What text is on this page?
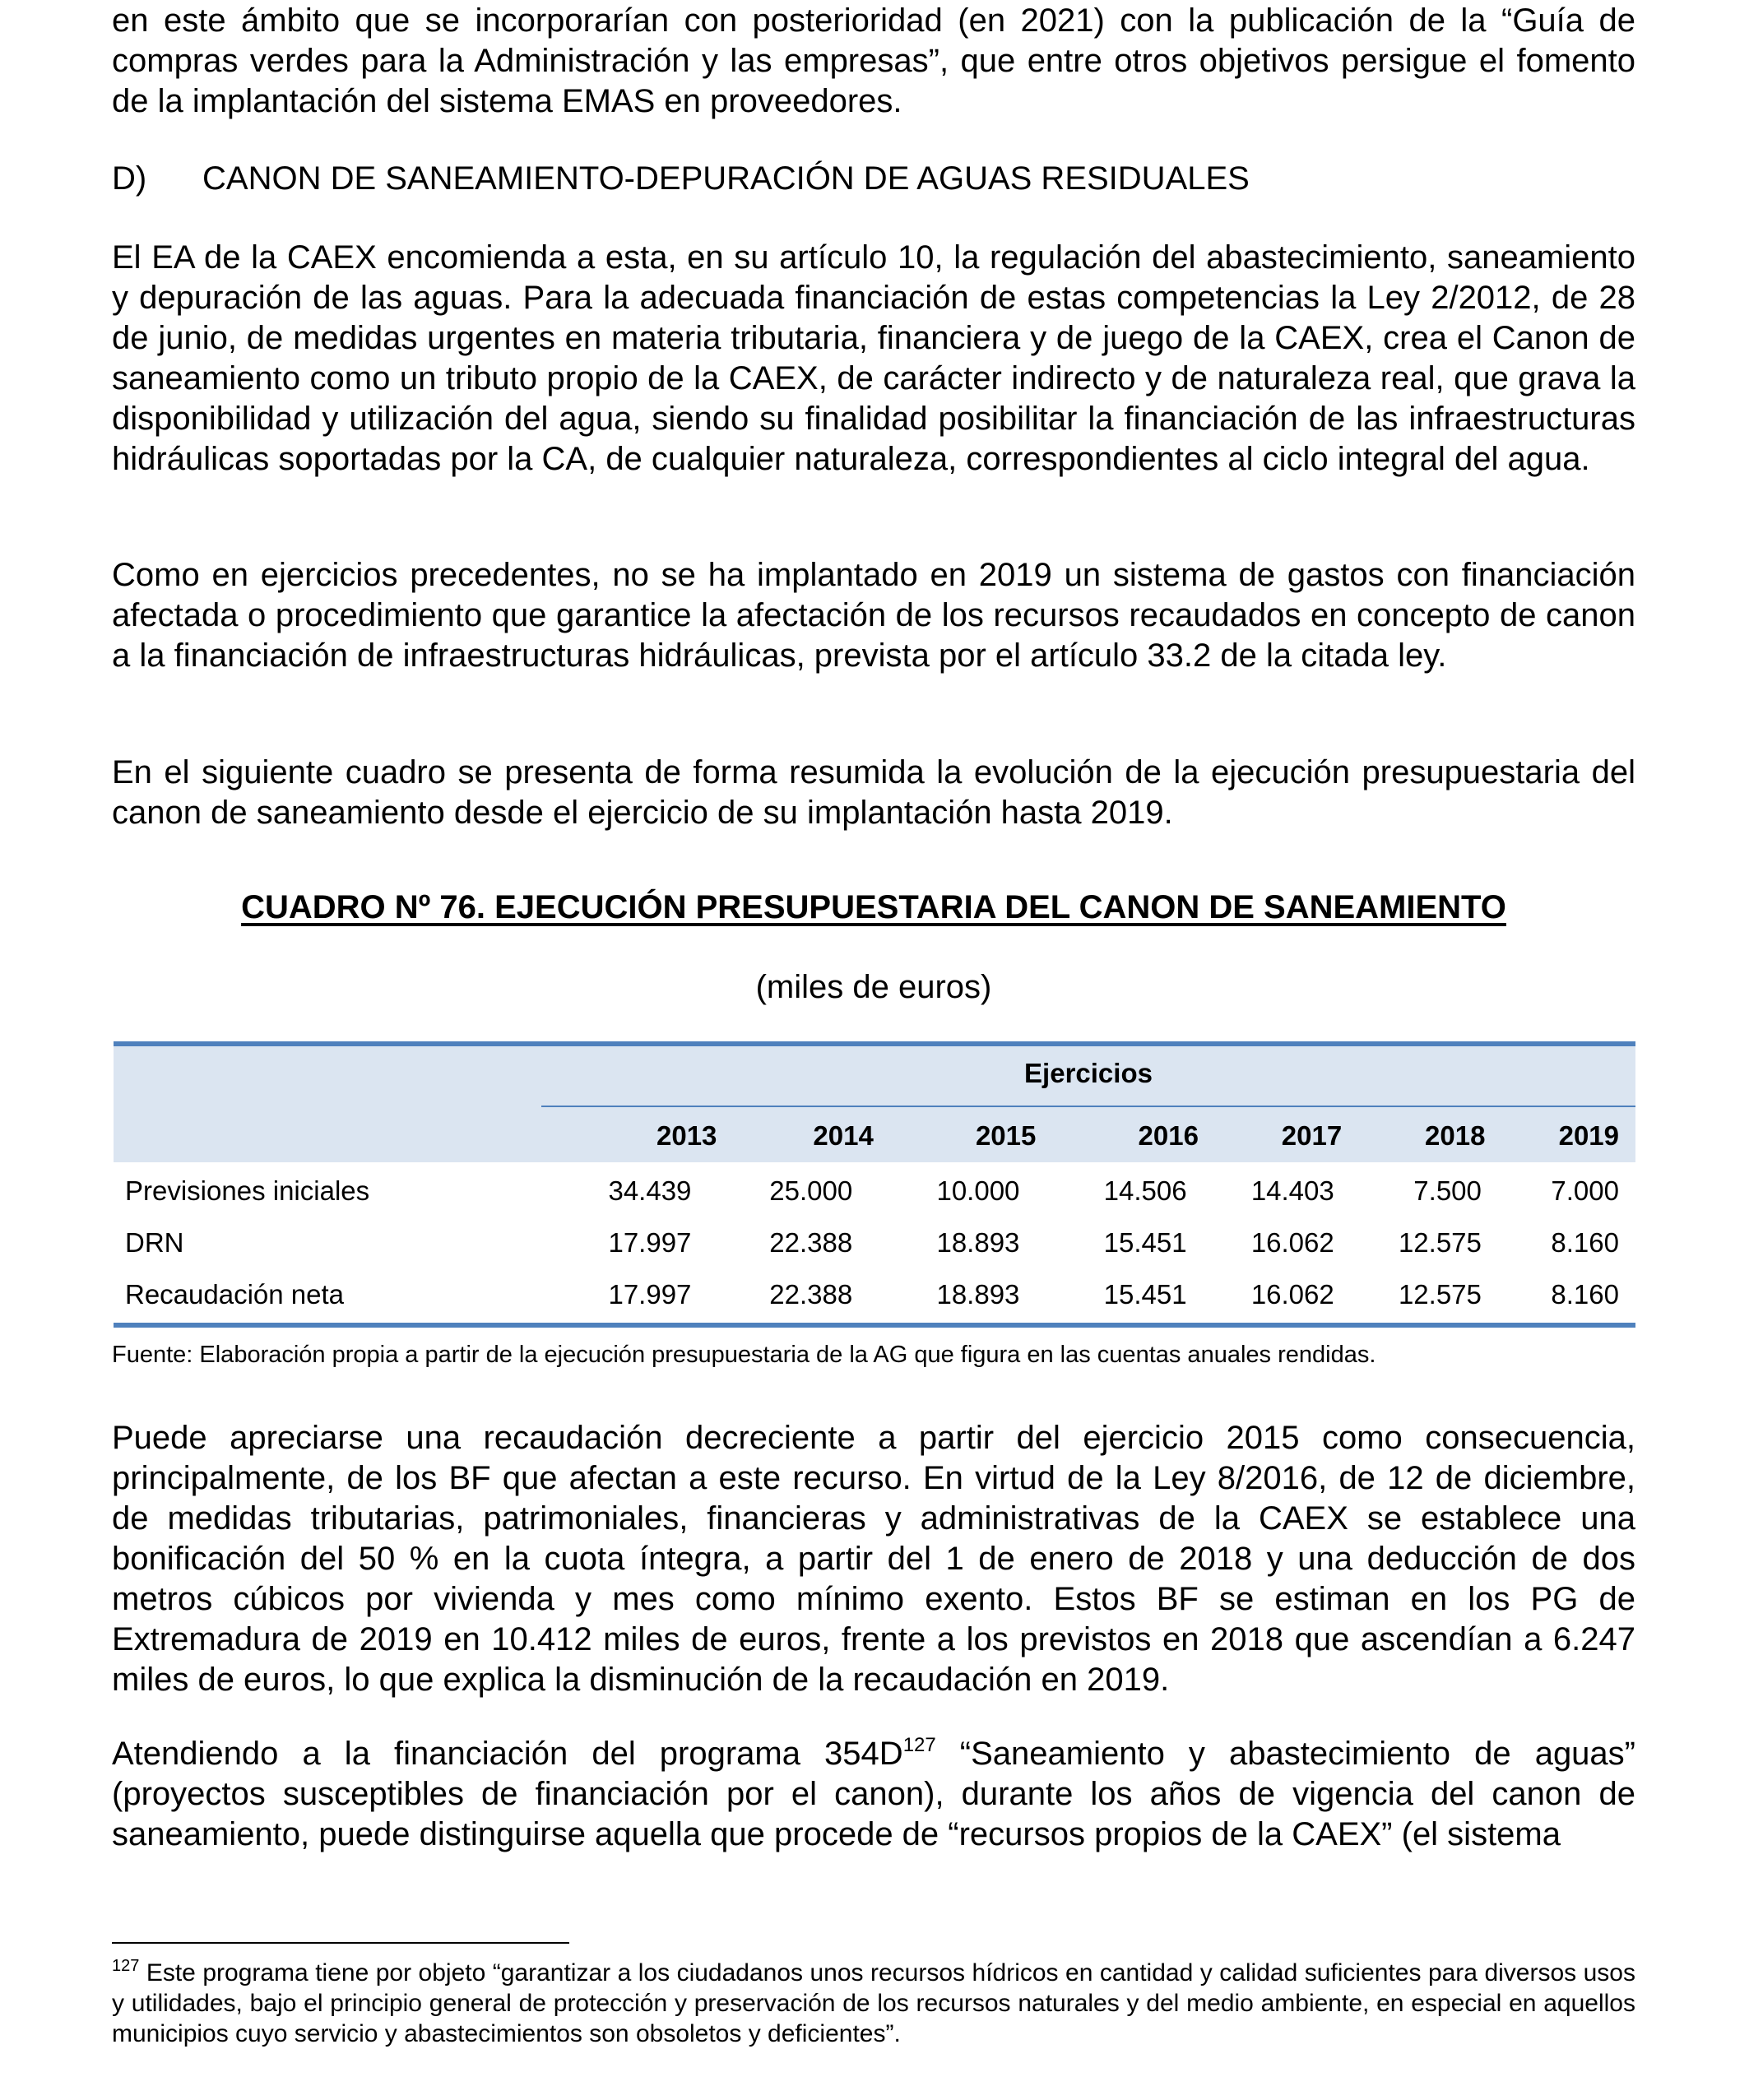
en este ámbito que se incorporarían con posterioridad (en 2021) con la publicación de la “Guía de compras verdes para la Administración y las empresas”, que entre otros objetivos persigue el fomento de la implantación del sistema EMAS en proveedores.

D) CANON DE SANEAMIENTO-DEPURACIÓN DE AGUAS RESIDUALES

El EA de la CAEX encomienda a esta, en su artículo 10, la regulación del abastecimiento, saneamiento y depuración de las aguas. Para la adecuada financiación de estas competencias la Ley 2/2012, de 28 de junio, de medidas urgentes en materia tributaria, financiera y de juego de la CAEX, crea el Canon de saneamiento como un tributo propio de la CAEX, de carácter indirecto y de naturaleza real, que grava la disponibilidad y utilización del agua, siendo su finalidad posibilitar la financiación de las infraestructuras hidráulicas soportadas por la CA, de cualquier naturaleza, correspondientes al ciclo integral del agua.

Como en ejercicios precedentes, no se ha implantado en 2019 un sistema de gastos con financiación afectada o procedimiento que garantice la afectación de los recursos recaudados en concepto de canon a la financiación de infraestructuras hidráulicas, prevista por el artículo 33.2 de la citada ley.

En el siguiente cuadro se presenta de forma resumida la evolución de la ejecución presupuestaria del canon de saneamiento desde el ejercicio de su implantación hasta 2019.

CUADRO Nº 76. EJECUCIÓN PRESUPUESTARIA DEL CANON DE SANEAMIENTO
(miles de euros)
Ejercicios
2013	2014	2015	2016	2017	2018	2019
Previsiones iniciales	34.439	25.000	10.000	14.506	14.403	7.500	7.000
DRN	17.997	22.388	18.893	15.451	16.062	12.575	8.160
Recaudación neta	17.997	22.388	18.893	15.451	16.062	12.575	8.160
Fuente: Elaboración propia a partir de la ejecución presupuestaria de la AG que figura en las cuentas anuales rendidas.

Puede apreciarse una recaudación decreciente a partir del ejercicio 2015 como consecuencia, principalmente, de los BF que afectan a este recurso. En virtud de la Ley 8/2016, de 12 de diciembre, de medidas tributarias, patrimoniales, financieras y administrativas de la CAEX se establece una bonificación del 50 % en la cuota íntegra, a partir del 1 de enero de 2018 y una deducción de dos metros cúbicos por vivienda y mes como mínimo exento. Estos BF se estiman en los PG de Extremadura de 2019 en 10.412 miles de euros, frente a los previstos en 2018 que ascendían a 6.247 miles de euros, lo que explica la disminución de la recaudación en 2019.

Atendiendo a la financiación del programa $354D^{127}$ “Saneamiento y abastecimiento de aguas” (proyectos susceptibles de financiación por el canon), durante los años de vigencia del canon de saneamiento, puede distinguirse aquella que procede de “recursos propios de la CAEX” (el sistema

$^{127}$ Este programa tiene por objeto “garantizar a los ciudadanos unos recursos hídricos en cantidad y calidad suficientes para diversos usos y utilidades, bajo el principio general de protección y preservación de los recursos naturales y del medio ambiente, en especial en aquellos municipios cuyo servicio y abastecimientos son obsoletos y deficientes”.
